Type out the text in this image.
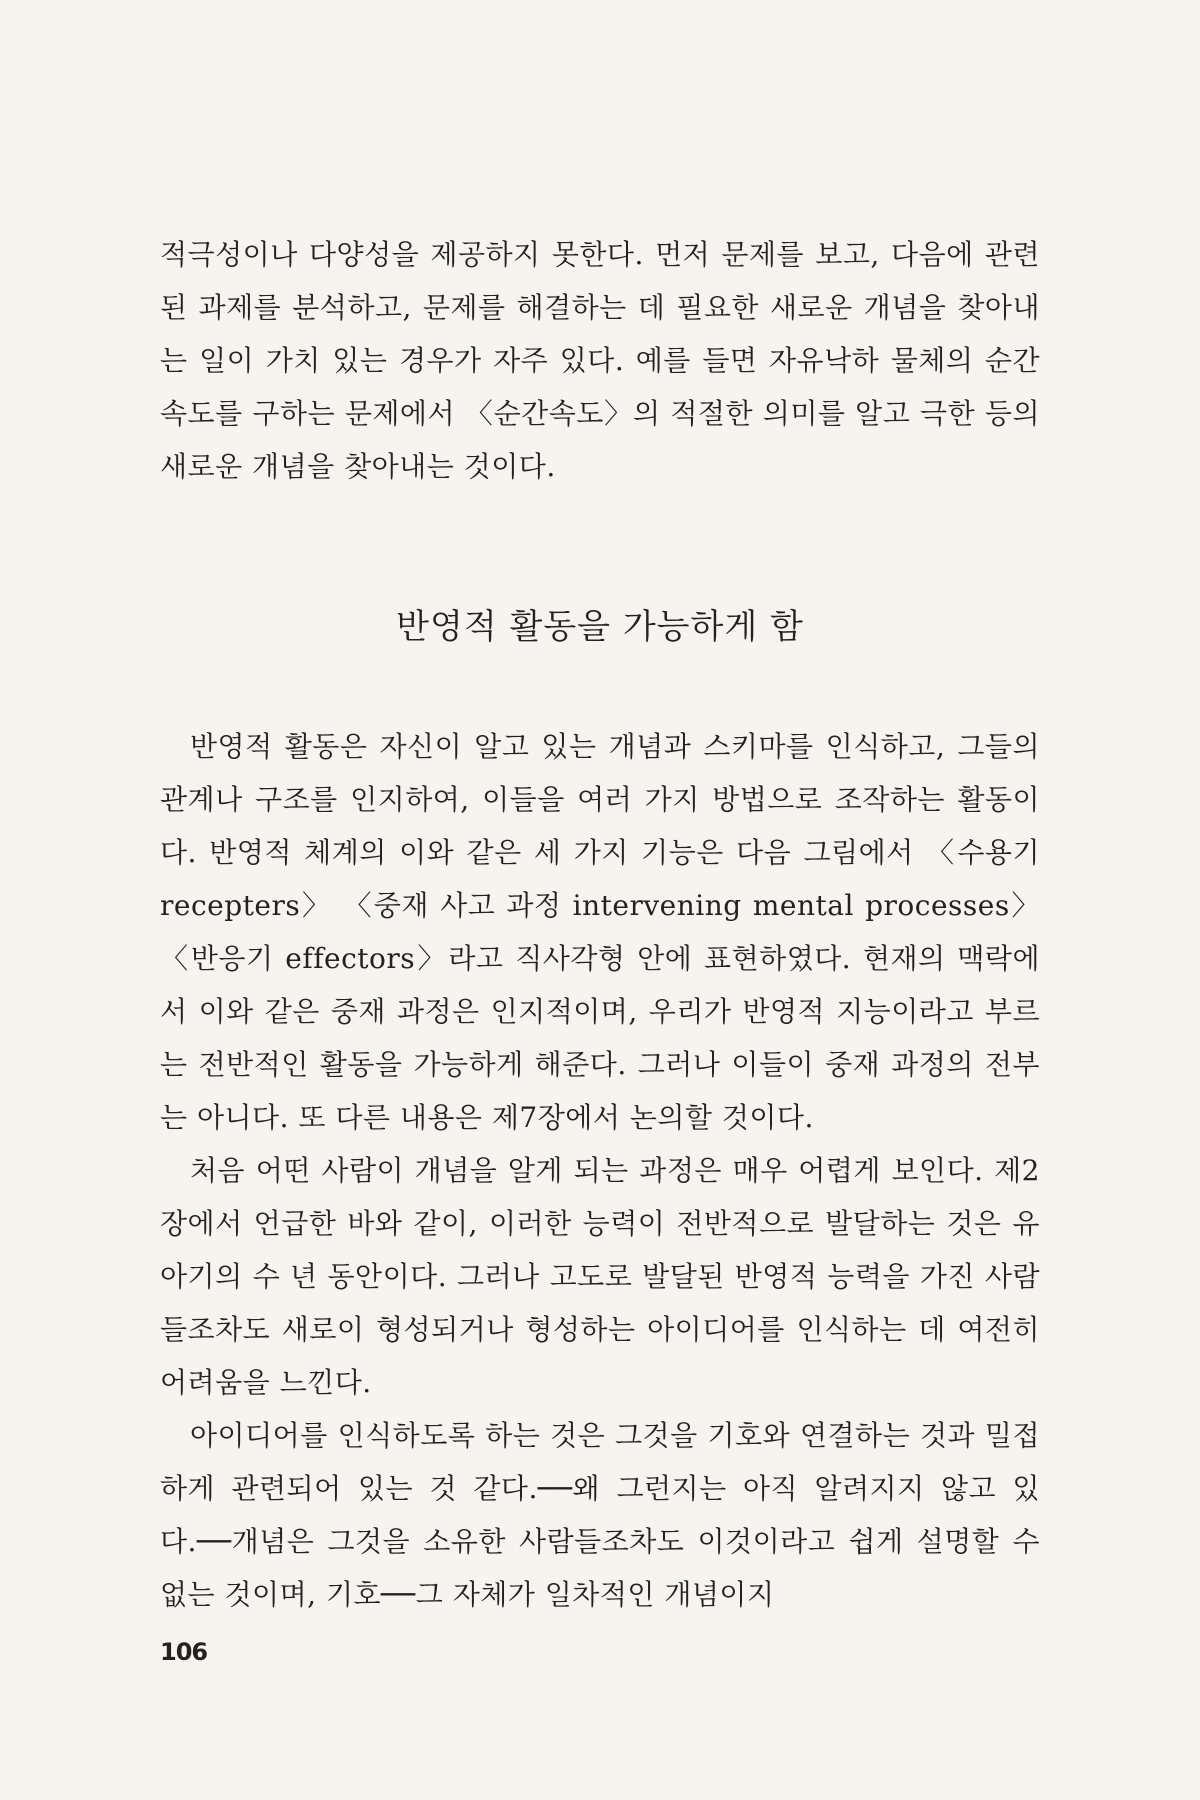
적극성이나 다양성을 제공하지 못한다. 먼저 문제를 보고, 다음에 관련된 과제를 분석하고, 문제를 해결하는 데 필요한 새로운 개념을 찾아내는 일이 가치 있는 경우가 자주 있다. 예를 들면 자유낙하 물체의 순간속도를 구하는 문제에서 〈순간속도〉의 적절한 의미를 알고 극한 등의 새로운 개념을 찾아내는 것이다.

반영적 활동을 가능하게 함

반영적 활동은 자신이 알고 있는 개념과 스키마를 인식하고, 그들의 관계나 구조를 인지하여, 이들을 여러 가지 방법으로 조작하는 활동이다. 반영적 체계의 이와 같은 세 가지 기능은 다음 그림에서 〈수용기 recepters〉 〈중재 사고 과정 intervening mental processes〉 〈반응기 effectors〉라고 직사각형 안에 표현하였다. 현재의 맥락에서 이와 같은 중재 과정은 인지적이며, 우리가 반영적 지능이라고 부르는 전반적인 활동을 가능하게 해준다. 그러나 이들이 중재 과정의 전부는 아니다. 또 다른 내용은 제7장에서 논의할 것이다.

처음 어떤 사람이 개념을 알게 되는 과정은 매우 어렵게 보인다. 제2장에서 언급한 바와 같이, 이러한 능력이 전반적으로 발달하는 것은 유아기의 수 년 동안이다. 그러나 고도로 발달된 반영적 능력을 가진 사람들조차도 새로이 형성되거나 형성하는 아이디어를 인식하는 데 여전히 어려움을 느낀다.

아이디어를 인식하도록 하는 것은 그것을 기호와 연결하는 것과 밀접하게 관련되어 있는 것 같다.──왜 그런지는 아직 알려지지 않고 있다.──개념은 그것을 소유한 사람들조차도 이것이라고 쉽게 설명할 수 없는 것이며, 기호──그 자체가 일차적인 개념이지

106
